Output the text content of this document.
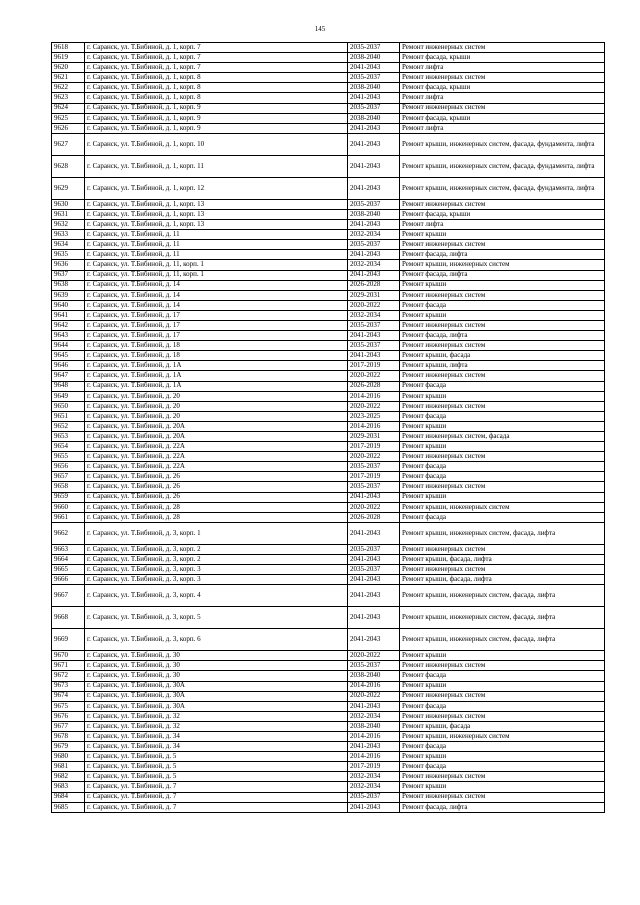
145
9618	г. Саранск, ул. Т.Бибиной, д. 1, корп. 7	2035-2037	Ремонт инженерных систем
9619	г. Саранск, ул. Т.Бибиной, д. 1, корп. 7	2038-2040	Ремонт фасада, крыши
9620	г. Саранск, ул. Т.Бибиной, д. 1, корп. 7	2041-2043	Ремонт лифта
9621	г. Саранск, ул. Т.Бибиной, д. 1, корп. 8	2035-2037	Ремонт инженерных систем
9622	г. Саранск, ул. Т.Бибиной, д. 1, корп. 8	2038-2040	Ремонт фасада, крыши
9623	г. Саранск, ул. Т.Бибиной, д. 1, корп. 8	2041-2043	Ремонт лифта
9624	г. Саранск, ул. Т.Бибиной, д. 1, корп. 9	2035-2037	Ремонт инженерных систем
9625	г. Саранск, ул. Т.Бибиной, д. 1, корп. 9	2038-2040	Ремонт фасада, крыши
9626	г. Саранск, ул. Т.Бибиной, д. 1, корп. 9	2041-2043	Ремонт лифта
9627	г. Саранск, ул. Т.Бибиной, д. 1, корп. 10	2041-2043	Ремонт крыши, инженерных систем, фасада, фундамента, лифта
9628	г. Саранск, ул. Т.Бибиной, д. 1, корп. 11	2041-2043	Ремонт крыши, инженерных систем, фасада, фундамента, лифта
9629	г. Саранск, ул. Т.Бибиной, д. 1, корп. 12	2041-2043	Ремонт крыши, инженерных систем, фасада, фундамента, лифта
9630	г. Саранск, ул. Т.Бибиной, д. 1, корп. 13	2035-2037	Ремонт инженерных систем
9631	г. Саранск, ул. Т.Бибиной, д. 1, корп. 13	2038-2040	Ремонт фасада, крыши
9632	г. Саранск, ул. Т.Бибиной, д. 1, корп. 13	2041-2043	Ремонт лифта
9633	г. Саранск, ул. Т.Бибиной, д. 11	2032-2034	Ремонт крыши
9634	г. Саранск, ул. Т.Бибиной, д. 11	2035-2037	Ремонт инженерных систем
9635	г. Саранск, ул. Т.Бибиной, д. 11	2041-2043	Ремонт фасада, лифта
9636	г. Саранск, ул. Т.Бибиной, д. 11, корп. 1	2032-2034	Ремонт крыши, инженерных систем
9637	г. Саранск, ул. Т.Бибиной, д. 11, корп. 1	2041-2043	Ремонт фасада, лифта
9638	г. Саранск, ул. Т.Бибиной, д. 14	2026-2028	Ремонт крыши
9639	г. Саранск, ул. Т.Бибиной, д. 14	2029-2031	Ремонт инженерных систем
9640	г. Саранск, ул. Т.Бибиной, д. 14	2020-2022	Ремонт фасада
9641	г. Саранск, ул. Т.Бибиной, д. 17	2032-2034	Ремонт крыши
9642	г. Саранск, ул. Т.Бибиной, д. 17	2035-2037	Ремонт инженерных систем
9643	г. Саранск, ул. Т.Бибиной, д. 17	2041-2043	Ремонт фасада, лифта
9644	г. Саранск, ул. Т.Бибиной, д. 18	2035-2037	Ремонт инженерных систем
9645	г. Саранск, ул. Т.Бибиной, д. 18	2041-2043	Ремонт крыши, фасада
9646	г. Саранск, ул. Т.Бибиной, д. 1А	2017-2019	Ремонт крыши, лифта
9647	г. Саранск, ул. Т.Бибиной, д. 1А	2020-2022	Ремонт инженерных систем
9648	г. Саранск, ул. Т.Бибиной, д. 1А	2026-2028	Ремонт фасада
9649	г. Саранск, ул. Т.Бибиной, д. 20	2014-2016	Ремонт крыши
9650	г. Саранск, ул. Т.Бибиной, д. 20	2020-2022	Ремонт инженерных систем
9651	г. Саранск, ул. Т.Бибиной, д. 20	2023-2025	Ремонт фасада
9652	г. Саранск, ул. Т.Бибиной, д. 20А	2014-2016	Ремонт крыши
9653	г. Саранск, ул. Т.Бибиной, д. 20А	2029-2031	Ремонт инженерных систем, фасада
9654	г. Саранск, ул. Т.Бибиной, д. 22А	2017-2019	Ремонт крыши
9655	г. Саранск, ул. Т.Бибиной, д. 22А	2020-2022	Ремонт инженерных систем
9656	г. Саранск, ул. Т.Бибиной, д. 22А	2035-2037	Ремонт фасада
9657	г. Саранск, ул. Т.Бибиной, д. 26	2017-2019	Ремонт фасада
9658	г. Саранск, ул. Т.Бибиной, д. 26	2035-2037	Ремонт инженерных систем
9659	г. Саранск, ул. Т.Бибиной, д. 26	2041-2043	Ремонт крыши
9660	г. Саранск, ул. Т.Бибиной, д. 28	2020-2022	Ремонт крыши, инженерных систем
9661	г. Саранск, ул. Т.Бибиной, д. 28	2026-2028	Ремонт фасада
9662	г. Саранск, ул. Т.Бибиной, д. 3, корп. 1	2041-2043	Ремонт крыши, инженерных систем, фасада, лифта
9663	г. Саранск, ул. Т.Бибиной, д. 3, корп. 2	2035-2037	Ремонт инженерных систем
9664	г. Саранск, ул. Т.Бибиной, д. 3, корп. 2	2041-2043	Ремонт крыши, фасада, лифта
9665	г. Саранск, ул. Т.Бибиной, д. 3, корп. 3	2035-2037	Ремонт инженерных систем
9666	г. Саранск, ул. Т.Бибиной, д. 3, корп. 3	2041-2043	Ремонт крыши, фасада, лифта
9667	г. Саранск, ул. Т.Бибиной, д. 3, корп. 4	2041-2043	Ремонт крыши, инженерных систем, фасада, лифта
9668	г. Саранск, ул. Т.Бибиной, д. 3, корп. 5	2041-2043	Ремонт крыши, инженерных систем, фасада, лифта
9669	г. Саранск, ул. Т.Бибиной, д. 3, корп. 6	2041-2043	Ремонт крыши, инженерных систем, фасада, лифта
9670	г. Саранск, ул. Т.Бибиной, д. 30	2020-2022	Ремонт крыши
9671	г. Саранск, ул. Т.Бибиной, д. 30	2035-2037	Ремонт инженерных систем
9672	г. Саранск, ул. Т.Бибиной, д. 30	2038-2040	Ремонт фасада
9673	г. Саранск, ул. Т.Бибиной, д. 30А	2014-2016	Ремонт крыши
9674	г. Саранск, ул. Т.Бибиной, д. 30А	2020-2022	Ремонт инженерных систем
9675	г. Саранск, ул. Т.Бибиной, д. 30А	2041-2043	Ремонт фасада
9676	г. Саранск, ул. Т.Бибиной, д. 32	2032-2034	Ремонт инженерных систем
9677	г. Саранск, ул. Т.Бибиной, д. 32	2038-2040	Ремонт крыши, фасада
9678	г. Саранск, ул. Т.Бибиной, д. 34	2014-2016	Ремонт крыши, инженерных систем
9679	г. Саранск, ул. Т.Бибиной, д. 34	2041-2043	Ремонт фасада
9680	г. Саранск, ул. Т.Бибиной, д. 5	2014-2016	Ремонт крыши
9681	г. Саранск, ул. Т.Бибиной, д. 5	2017-2019	Ремонт фасада
9682	г. Саранск, ул. Т.Бибиной, д. 5	2032-2034	Ремонт инженерных систем
9683	г. Саранск, ул. Т.Бибиной, д. 7	2032-2034	Ремонт крыши
9684	г. Саранск, ул. Т.Бибиной, д. 7	2035-2037	Ремонт инженерных систем
9685	г. Саранск, ул. Т.Бибиной, д. 7	2041-2043	Ремонт фасада, лифта
